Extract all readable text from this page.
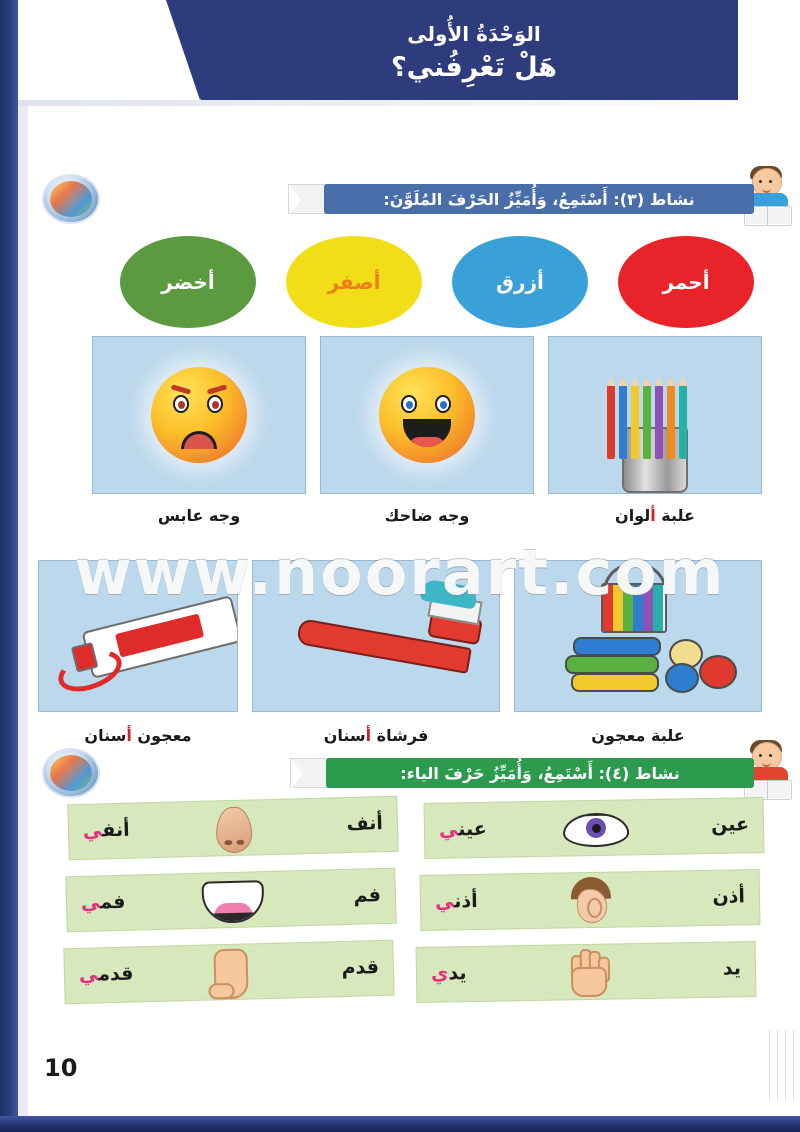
الوَحْدَةُ الأُولى
هَلْ تَعْرِفُني؟
نشاط (٣): أَسْتَمِعُ، وَأُمَيِّزُ الحَرْفَ المُلَوَّنَ:
أحمر
أزرق
أصفر
أخضر
علبة ألوان
وجه ضاحك
وجه عابس
علبة معجون
فرشاة أسنان
معجون أسنان
نشاط (٤): أَسْتَمِعُ، وَأُمَيِّزُ حَرْفَ الياء:
عين
عيني
أذن
أذني
يد
يدي
أنف
أنفي
فم
فمي
قدم
قدمي
10
www.noorart.com
